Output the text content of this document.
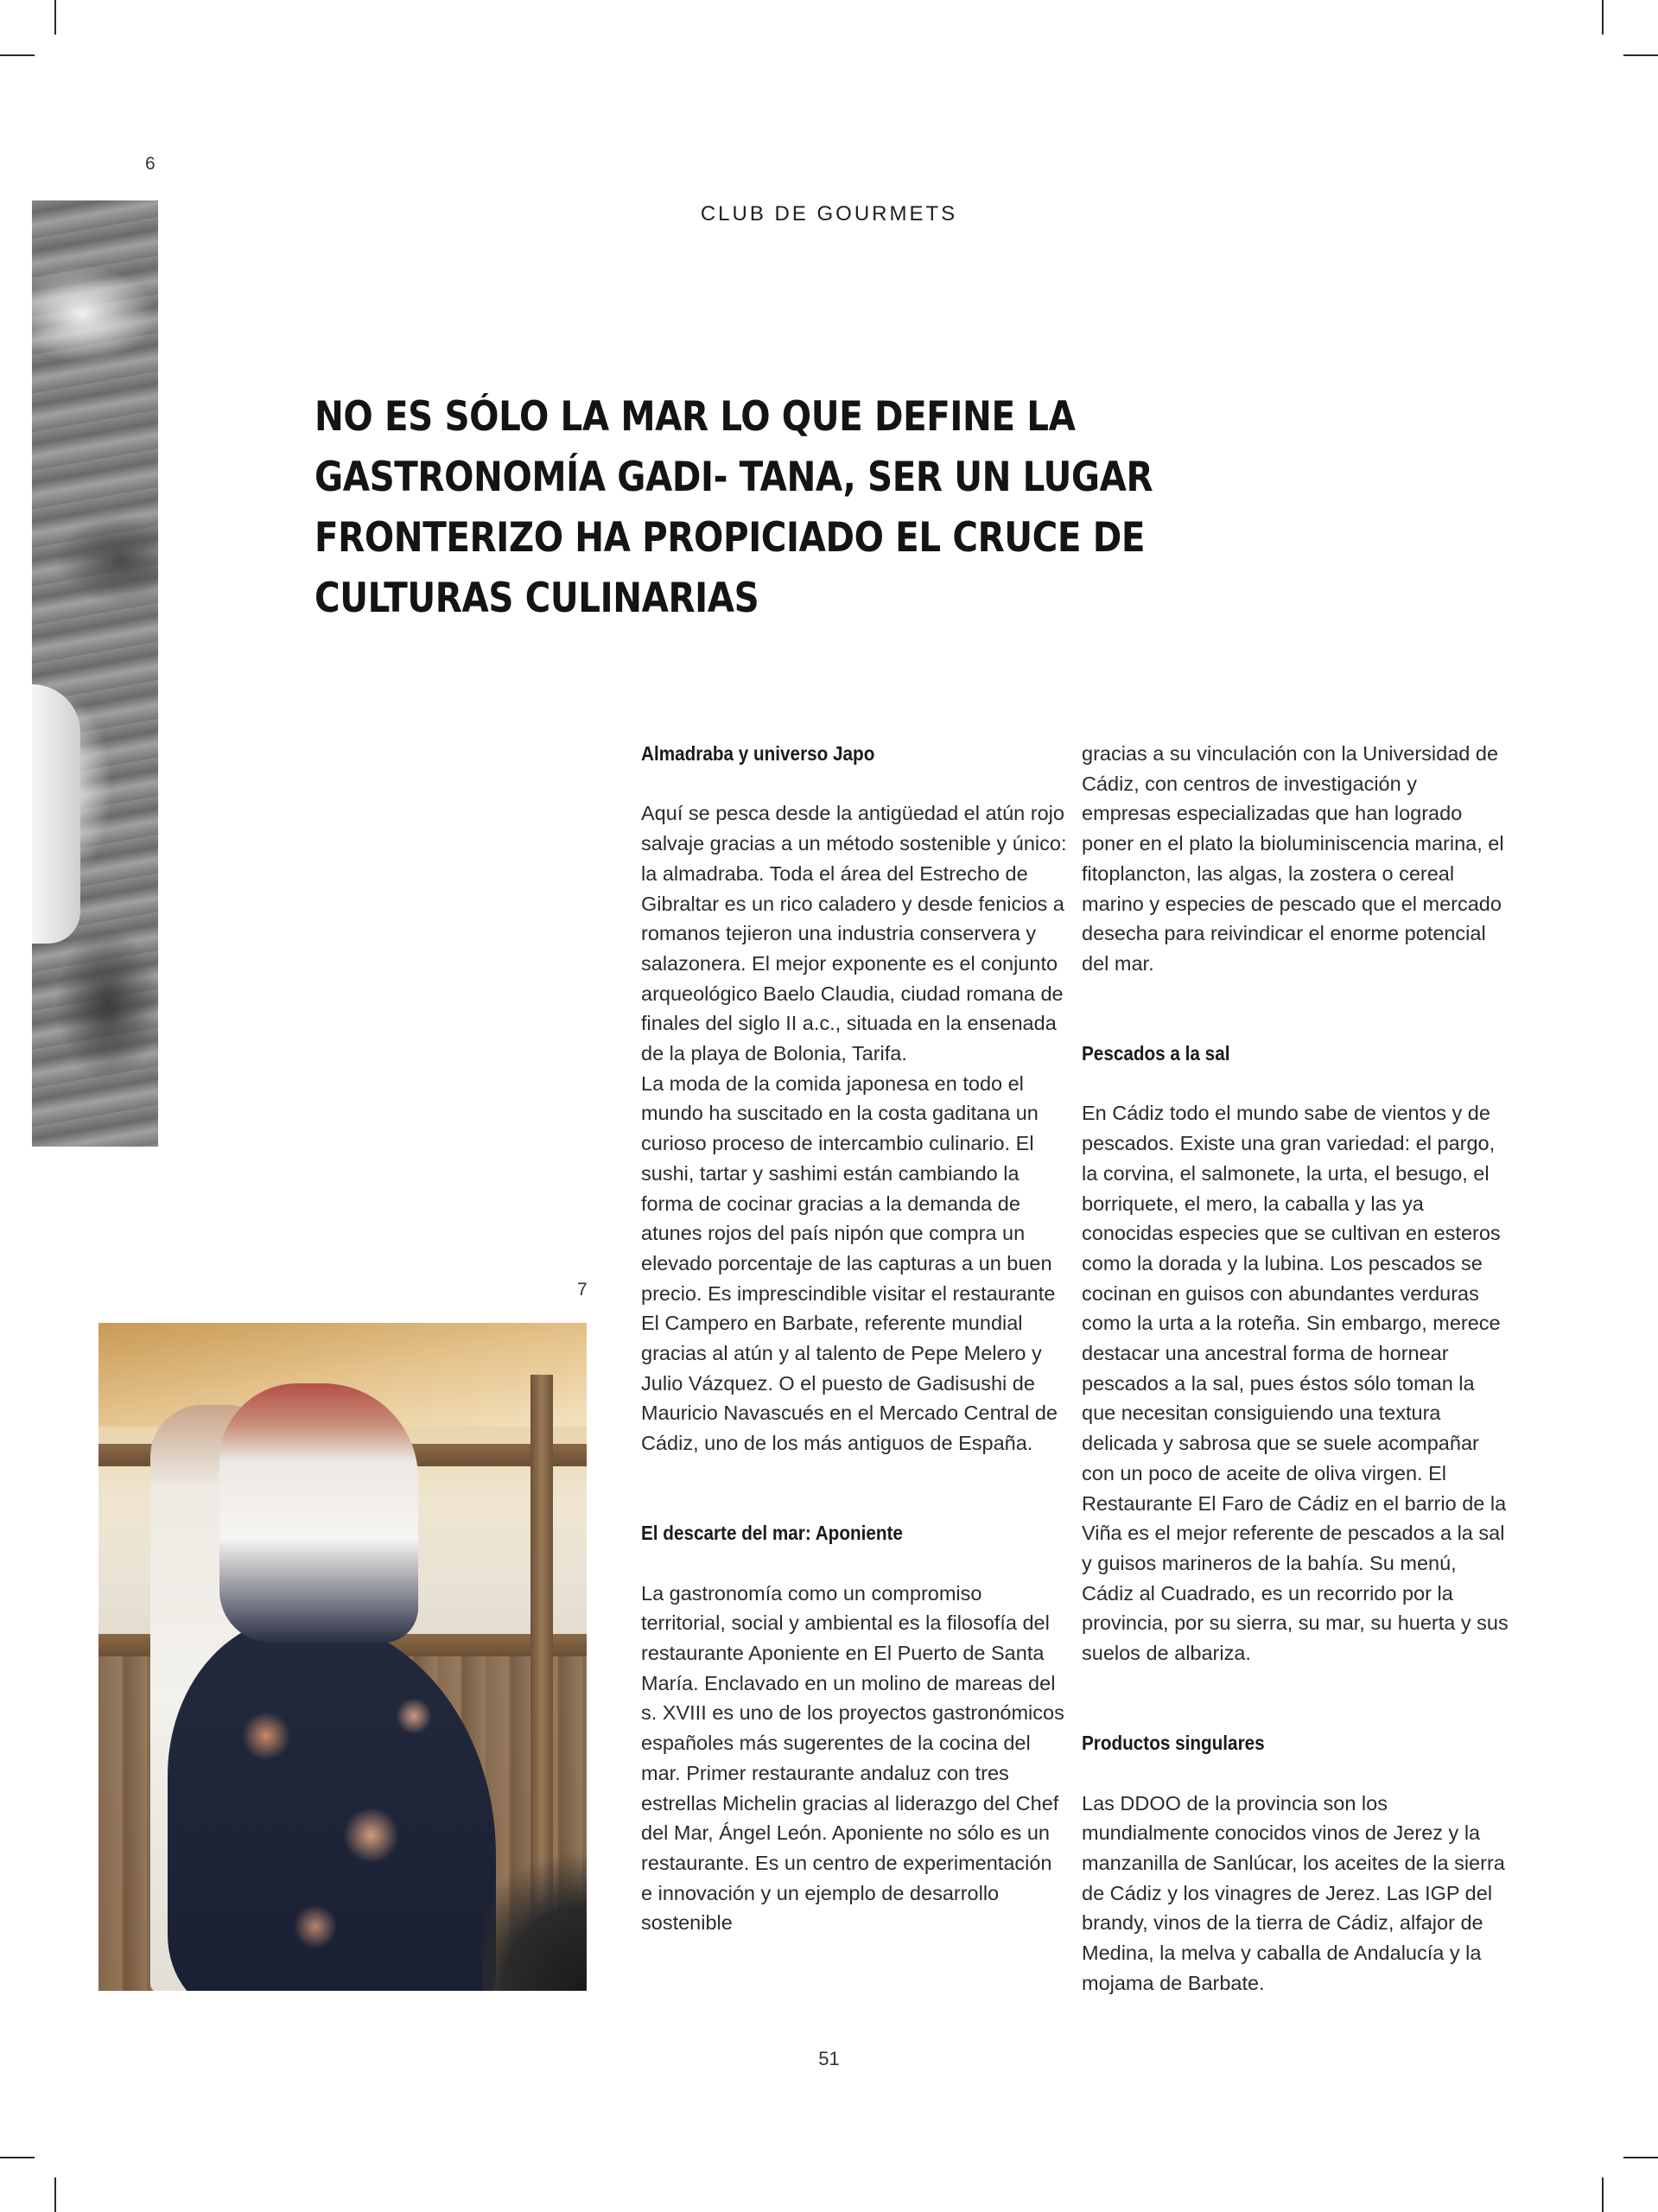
6
CLUB DE GOURMETS
NO ES SÓLO LA MAR LO QUE DEFINE LA GASTRONOMÍA GADI- TANA, SER UN LUGAR FRONTERIZO HA PROPICIADO EL CRUCE DE CULTURAS CULINARIAS
7
Almadraba y universo Japo

Aquí se pesca desde la antigüedad el atún rojo salvaje gracias a un método sostenible y único: la almadraba. Toda el área del Estrecho de Gibraltar es un rico caladero y desde fenicios a romanos tejieron una industria conservera y salazonera. El mejor exponente es el conjunto arqueológico Baelo Claudia, ciudad romana de finales del siglo II a.c., situada en la ensenada de la playa de Bolonia, Tarifa.

La moda de la comida japonesa en todo el mundo ha suscitado en la costa gaditana un curioso proceso de intercambio culinario. El sushi, tartar y sashimi están cambiando la forma de cocinar gracias a la demanda de atunes rojos del país nipón que compra un elevado porcentaje de las capturas a un buen precio. Es imprescindible visitar el restaurante El Campero en Barbate, referente mundial gracias al atún y al talento de Pepe Melero y Julio Vázquez. O el puesto de Gadisushi de Mauricio Navascués en el Mercado Central de Cádiz, uno de los más antiguos de España.

El descarte del mar: Aponiente

La gastronomía como un compromiso territorial, social y ambiental es la filosofía del restaurante Aponiente en El Puerto de Santa María. Enclavado en un molino de mareas del s. XVIII es uno de los proyectos gastronómicos españoles más sugerentes de la cocina del mar. Primer restaurante andaluz con tres estrellas Michelin gracias al liderazgo del Chef del Mar, Ángel León. Aponiente no sólo es un restaurante. Es un centro de experimentación e innovación y un ejemplo de desarrollo sostenible

gracias a su vinculación con la Universidad de Cádiz, con centros de investigación y empresas especializadas que han logrado poner en el plato la bioluminiscencia marina, el fitoplancton, las algas, la zostera o cereal marino y especies de pescado que el mercado desecha para reivindicar el enorme potencial del mar.

Pescados a la sal

En Cádiz todo el mundo sabe de vientos y de pescados. Existe una gran variedad: el pargo, la corvina, el salmonete, la urta, el besugo, el borriquete, el mero, la caballa y las ya conocidas especies que se cultivan en esteros como la dorada y la lubina. Los pescados se cocinan en guisos con abundantes verduras como la urta a la roteña. Sin embargo, merece destacar una ancestral forma de hornear pescados a la sal, pues éstos sólo toman la que necesitan consiguiendo una textura delicada y sabrosa que se suele acompañar con un poco de aceite de oliva virgen. El Restaurante El Faro de Cádiz en el barrio de la Viña es el mejor referente de pescados a la sal y guisos marineros de la bahía. Su menú, Cádiz al Cuadrado, es un recorrido por la provincia, por su sierra, su mar, su huerta y sus suelos de albariza.

Productos singulares

Las DDOO de la provincia son los mundialmente conocidos vinos de Jerez y la manzanilla de Sanlúcar, los aceites de la sierra de Cádiz y los vinagres de Jerez. Las IGP del brandy, vinos de la tierra de Cádiz, alfajor de Medina, la melva y caballa de Andalucía y la mojama de Barbate.

51
